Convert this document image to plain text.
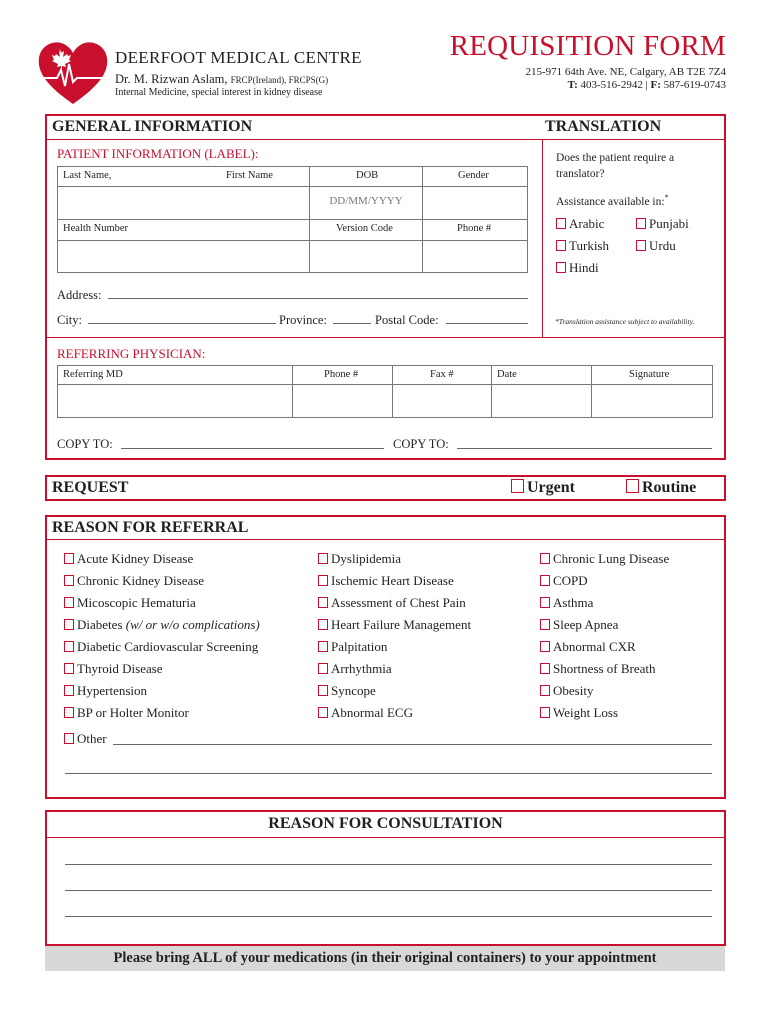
DEERFOOT MEDICAL CENTRE
Dr. M. Rizwan Aslam, FRCP(Ireland), FRCPS(G)
Internal Medicine, special interest in kidney disease
REQUISITION FORM
215-971 64th Ave. NE, Calgary, AB T2E 7Z4
T: 403-516-2942 | F: 587-619-0743
GENERAL INFORMATION	TRANSLATION
PATIENT INFORMATION (LABEL):
Last Name,	First Name	DOB	Gender
DD/MM/YYYY
Health Number	Version Code	Phone #
Address:
City:	Province:	Postal Code:
Does the patient require a translator?
Assistance available in:*
Arabic	Punjabi
Turkish	Urdu
Hindi
*Translation assistance subject to availability.
REFERRING PHYSICIAN:
Referring MD	Phone #	Fax #	Date	Signature
COPY TO:	COPY TO:
REQUEST	Urgent	Routine
REASON FOR REFERRAL
Acute Kidney Disease
Chronic Kidney Disease
Micoscopic Hematuria
Diabetes (w/ or w/o complications)
Diabetic Cardiovascular Screening
Thyroid Disease
Hypertension
BP or Holter Monitor
Dyslipidemia
Ischemic Heart Disease
Assessment of Chest Pain
Heart Failure Management
Palpitation
Arrhythmia
Syncope
Abnormal ECG
Chronic Lung Disease
COPD
Asthma
Sleep Apnea
Abnormal CXR
Shortness of Breath
Obesity
Weight Loss
Other
REASON FOR CONSULTATION
Please bring ALL of your medications (in their original containers) to your appointment
